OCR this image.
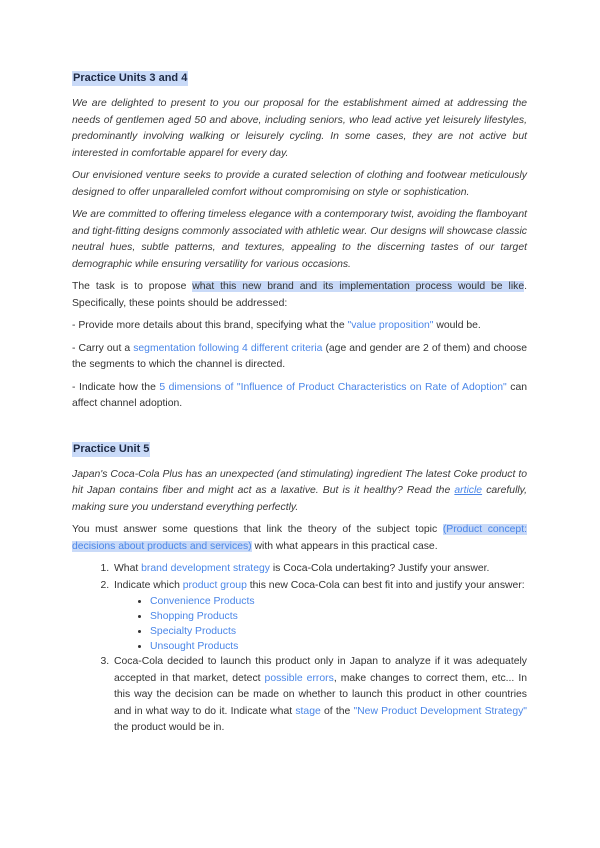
Practice Units 3 and 4

We are delighted to present to you our proposal for the establishment aimed at addressing the needs of gentlemen aged 50 and above, including seniors, who lead active yet leisurely lifestyles, predominantly involving walking or leisurely cycling. In some cases, they are not active but interested in comfortable apparel for every day.

Our envisioned venture seeks to provide a curated selection of clothing and footwear meticulously designed to offer unparalleled comfort without compromising on style or sophistication.

We are committed to offering timeless elegance with a contemporary twist, avoiding the flamboyant and tight-fitting designs commonly associated with athletic wear. Our designs will showcase classic neutral hues, subtle patterns, and textures, appealing to the discerning tastes of our target demographic while ensuring versatility for various occasions.

The task is to propose what this new brand and its implementation process would be like. Specifically, these points should be addressed:

- Provide more details about this brand, specifying what the "value proposition" would be.

- Carry out a segmentation following 4 different criteria (age and gender are 2 of them) and choose the segments to which the channel is directed.

- Indicate how the 5 dimensions of "Influence of Product Characteristics on Rate of Adoption" can affect channel adoption.

Practice Unit 5

Japan's Coca-Cola Plus has an unexpected (and stimulating) ingredient The latest Coke product to hit Japan contains fiber and might act as a laxative. But is it healthy? Read the article carefully, making sure you understand everything perfectly.

You must answer some questions that link the theory of the subject topic (Product concept: decisions about products and services) with what appears in this practical case.

1. What brand development strategy is Coca-Cola undertaking? Justify your answer.
2. Indicate which product group this new Coca-Cola can best fit into and justify your answer:
• Convenience Products
• Shopping Products
• Specialty Products
• Unsought Products
3. Coca-Cola decided to launch this product only in Japan to analyze if it was adequately accepted in that market, detect possible errors, make changes to correct them, etc... In this way the decision can be made on whether to launch this product in other countries and in what way to do it. Indicate what stage of the "New Product Development Strategy" the product would be in.
